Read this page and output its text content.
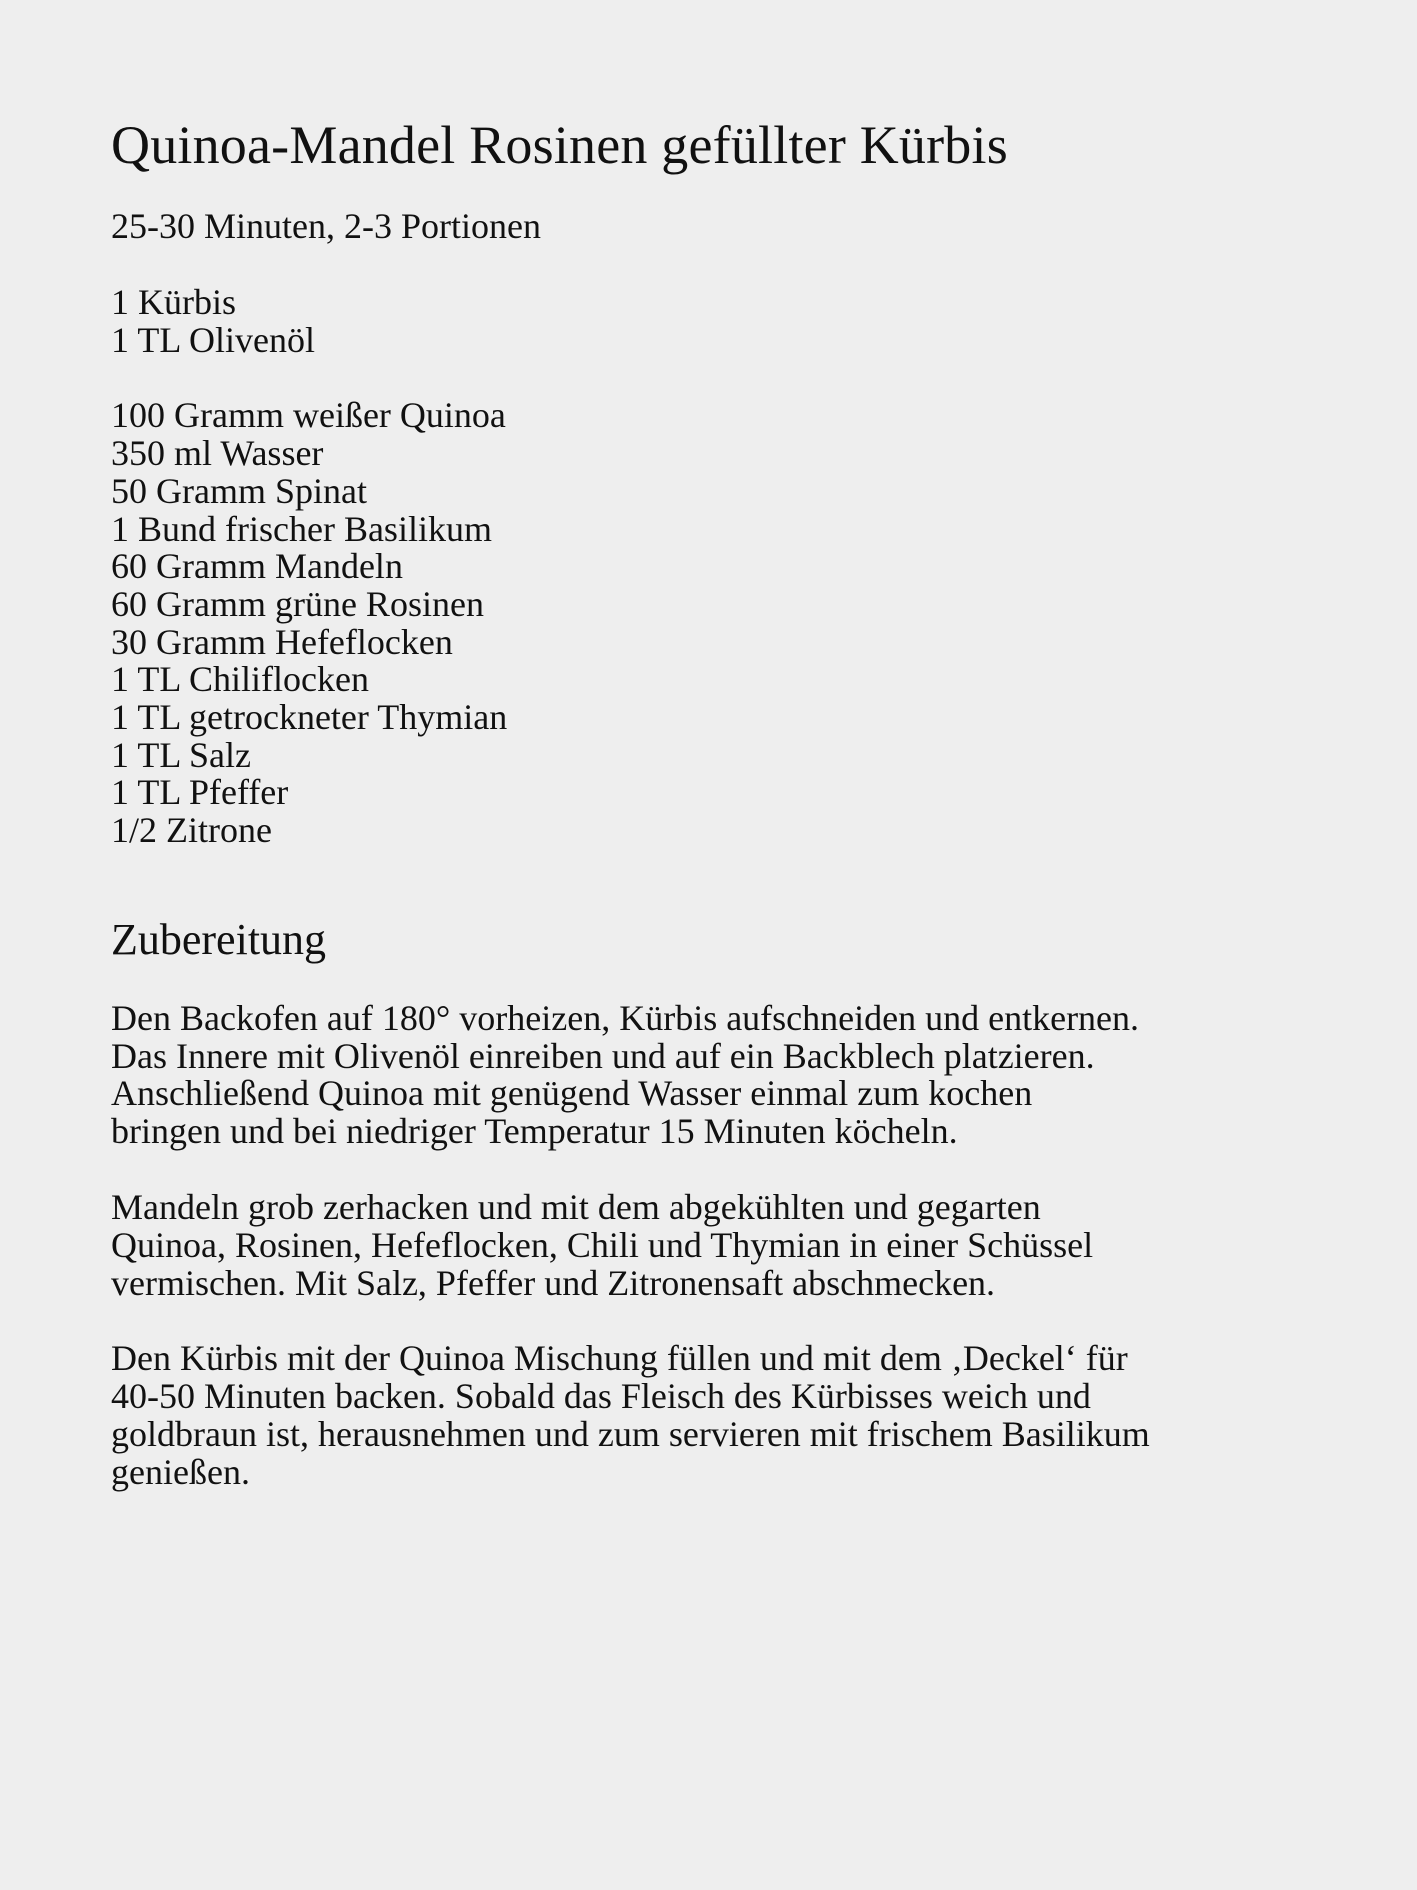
Quinoa-Mandel Rosinen gefüllter Kürbis
25-30 Minuten, 2-3 Portionen
1 Kürbis
1 TL Olivenöl
100 Gramm weißer Quinoa
350 ml Wasser
50 Gramm Spinat
1 Bund frischer Basilikum
60 Gramm Mandeln
60 Gramm grüne Rosinen
30 Gramm Hefeflocken
1 TL Chiliflocken
1 TL getrockneter Thymian
1 TL Salz
1 TL Pfeffer
1/2 Zitrone
Zubereitung

Den Backofen auf 180° vorheizen, Kürbis aufschneiden und entkernen.
Das Innere mit Olivenöl einreiben und auf ein Backblech platzieren.
Anschließend Quinoa mit genügend Wasser einmal zum kochen
bringen und bei niedriger Temperatur 15 Minuten köcheln.

Mandeln grob zerhacken und mit dem abgekühlten und gegarten
Quinoa, Rosinen, Hefeflocken, Chili und Thymian in einer Schüssel
vermischen. Mit Salz, Pfeffer und Zitronensaft abschmecken.

Den Kürbis mit der Quinoa Mischung füllen und mit dem ‚Deckel‘ für
40-50 Minuten backen. Sobald das Fleisch des Kürbisses weich und
goldbraun ist, herausnehmen und zum servieren mit frischem Basilikum
genießen.
